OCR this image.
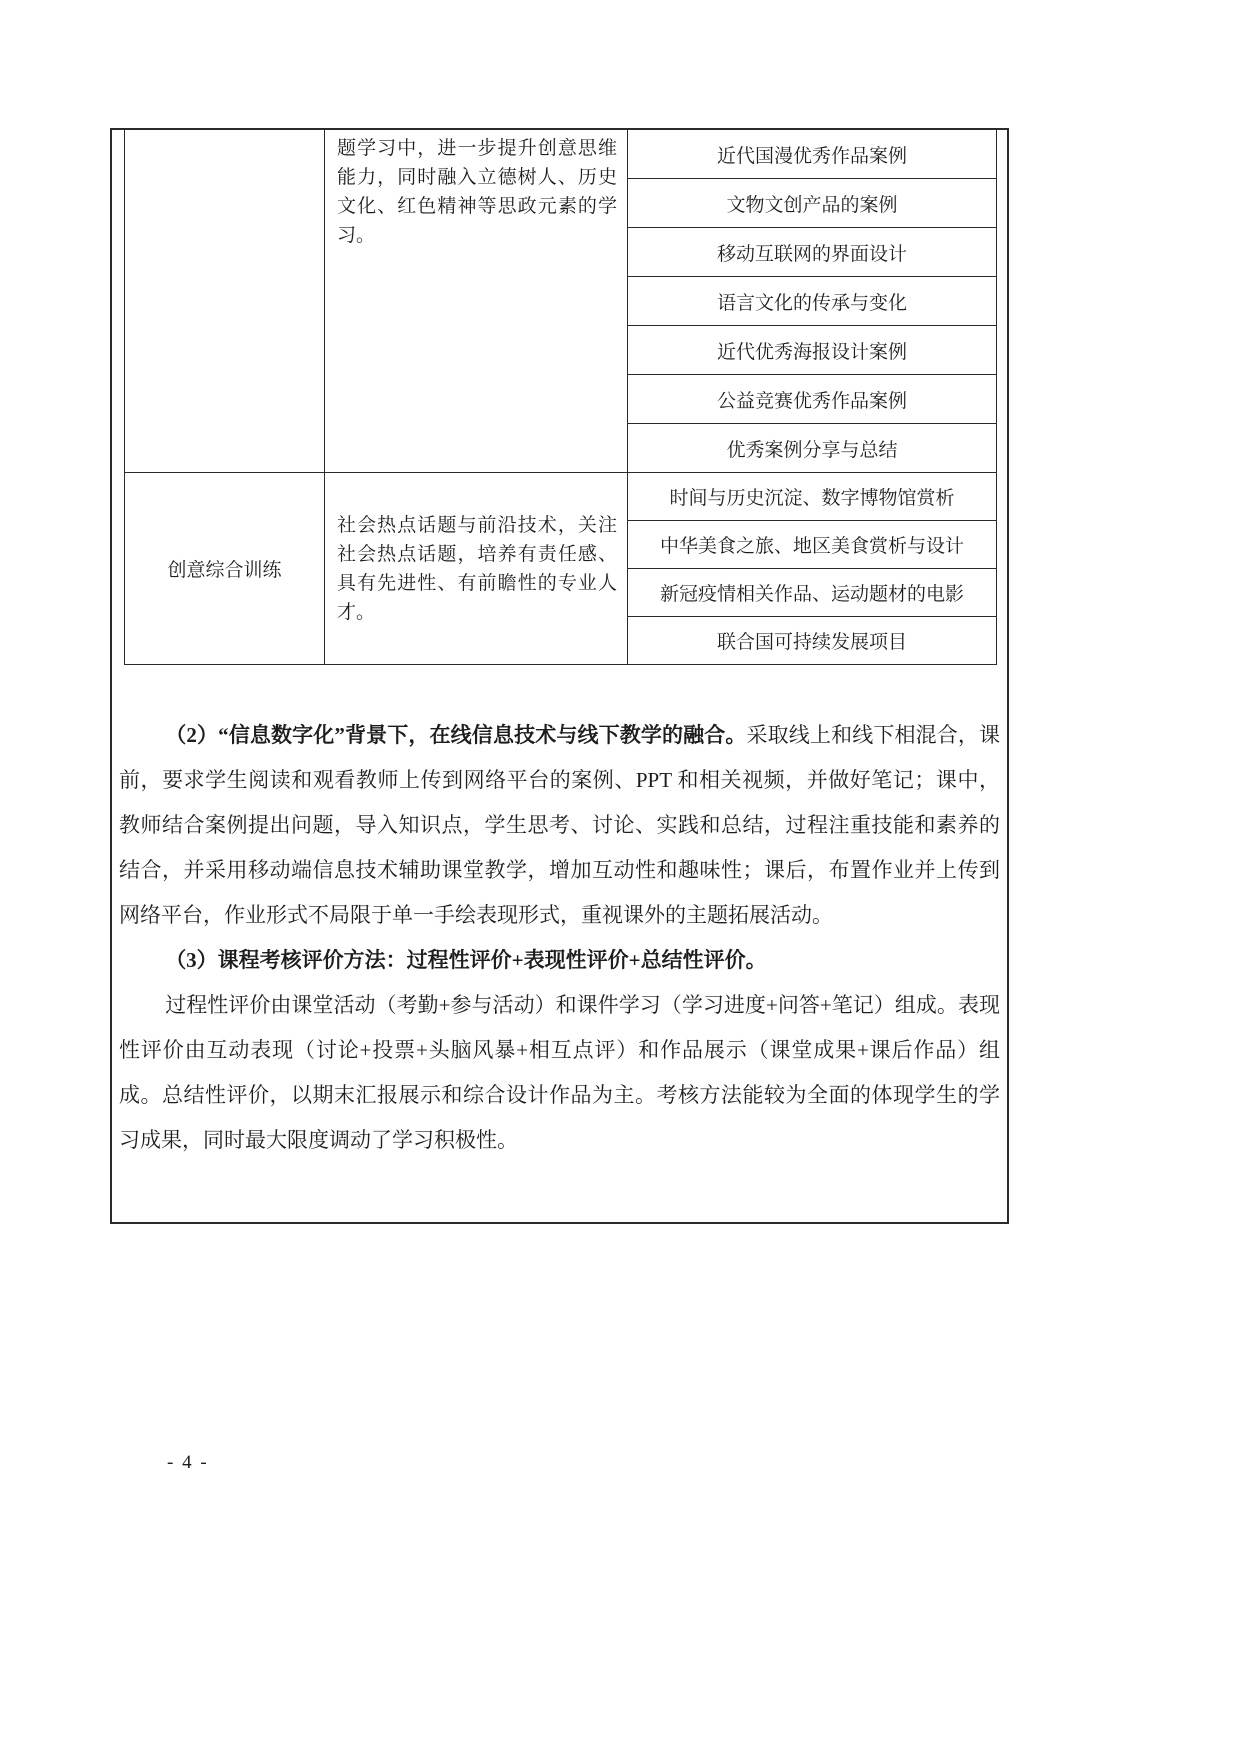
题学习中，进一步提升创意思维能力，同时融入立德树人、历史文化、红色精神等思政元素的学习。
近代国漫优秀作品案例
文物文创产品的案例
移动互联网的界面设计
语言文化的传承与变化
近代优秀海报设计案例
公益竞赛优秀作品案例
优秀案例分享与总结
创意综合训练
社会热点话题与前沿技术，关注社会热点话题，培养有责任感、具有先进性、有前瞻性的专业人才。
时间与历史沉淀、数字博物馆赏析
中华美食之旅、地区美食赏析与设计
新冠疫情相关作品、运动题材的电影
联合国可持续发展项目

（2）“信息数字化”背景下，在线信息技术与线下教学的融合。采取线上和线下相混合，课前，要求学生阅读和观看教师上传到网络平台的案例、PPT 和相关视频，并做好笔记；课中，教师结合案例提出问题，导入知识点，学生思考、讨论、实践和总结，过程注重技能和素养的结合，并采用移动端信息技术辅助课堂教学，增加互动性和趣味性；课后，布置作业并上传到网络平台，作业形式不局限于单一手绘表现形式，重视课外的主题拓展活动。

（3）课程考核评价方法：过程性评价+表现性评价+总结性评价。

过程性评价由课堂活动（考勤+参与活动）和课件学习（学习进度+问答+笔记）组成。表现性评价由互动表现（讨论+投票+头脑风暴+相互点评）和作品展示（课堂成果+课后作品）组成。总结性评价，以期末汇报展示和综合设计作品为主。考核方法能较为全面的体现学生的学习成果，同时最大限度调动了学习积极性。

- 4 -
